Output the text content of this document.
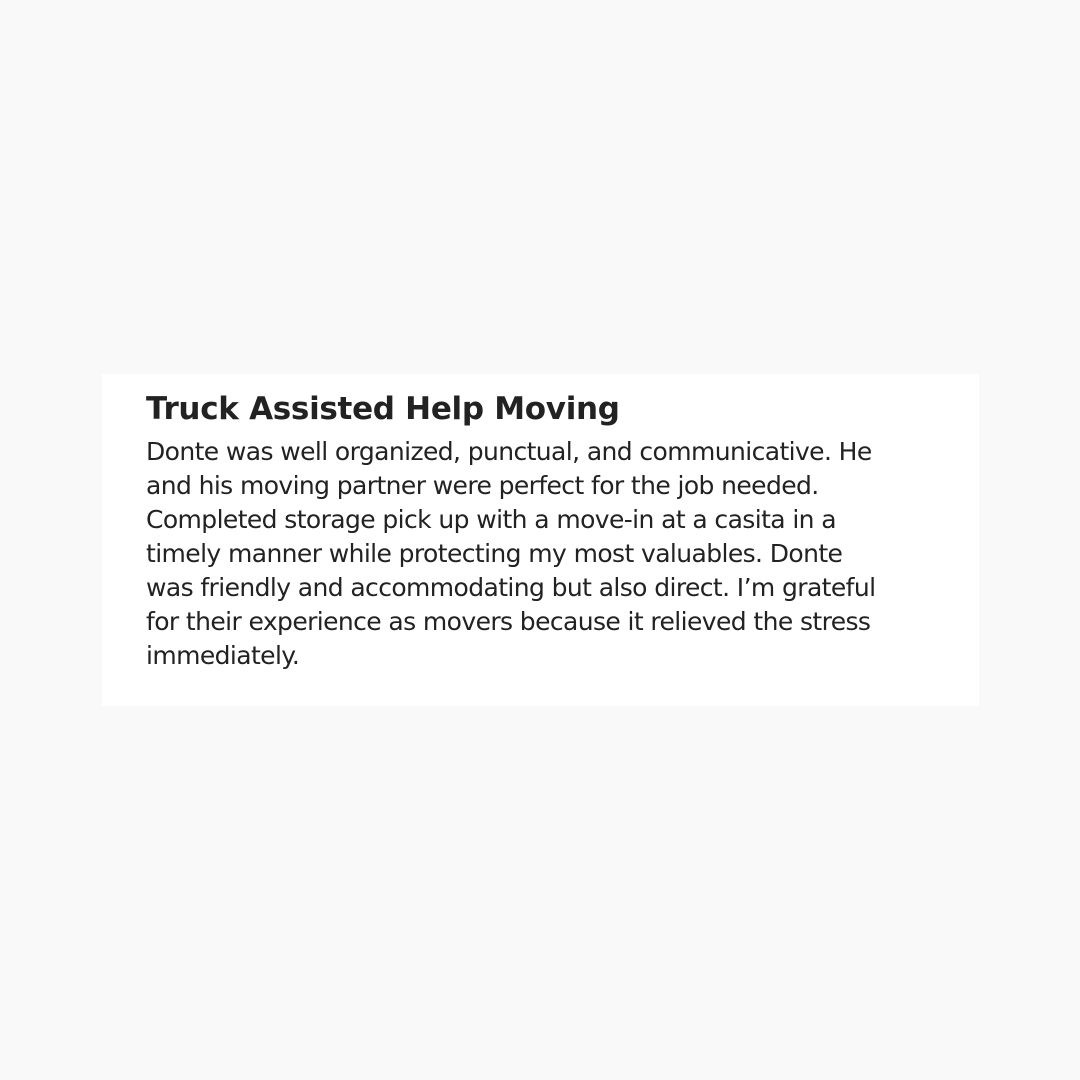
Truck Assisted Help Moving

Donte was well organized, punctual, and communicative. He
and his moving partner were perfect for the job needed.
Completed storage pick up with a move-in at a casita in a
timely manner while protecting my most valuables. Donte
was friendly and accommodating but also direct. I’m grateful
for their experience as movers because it relieved the stress
immediately.
